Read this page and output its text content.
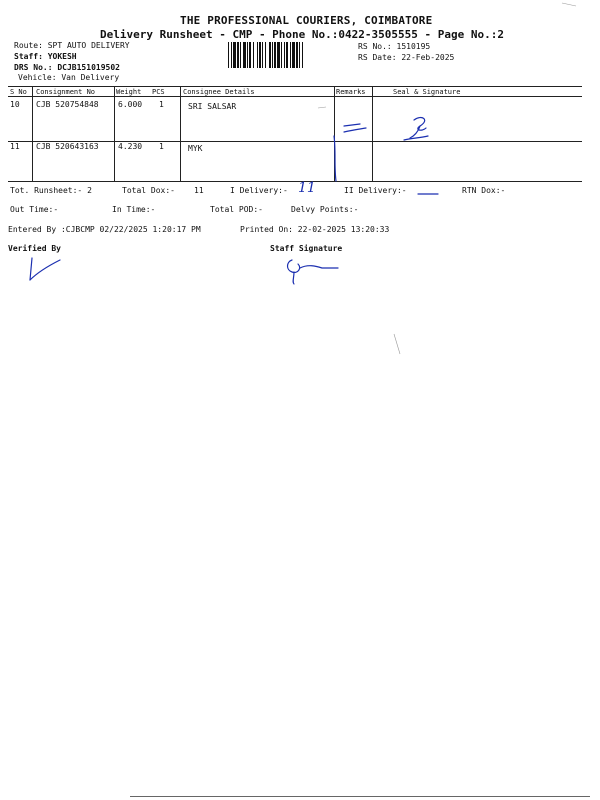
THE PROFESSIONAL COURIERS, COIMBATORE
Delivery Runsheet - CMP - Phone No.:0422-3505555 - Page No.:2
Route: SPT AUTO DELIVERY
Staff: YOKESH
DRS No.: DCJB151019502
Vehicle: Van Delivery
RS No.: 1510195
RS Date: 22-Feb-2025
S No Consignment No	Weight PCS	Consignee Details	Remarks	Seal & Signature
10 CJB 520754848 6.000 1	SRI SALSAR
11 CJB 520643163 4.230 1	MYK
Tot. Runsheet:- 2	Total Dox:- 11	I Delivery:- 11	II Delivery:-	RTN Dox:-
Out Time:-	In Time:-	Total POD:-	Delvy Points:-
Entered By :CJBCMP 02/22/2025 1:20:17 PM	Printed On: 22-02-2025 13:20:33
Verified By	Staff Signature
